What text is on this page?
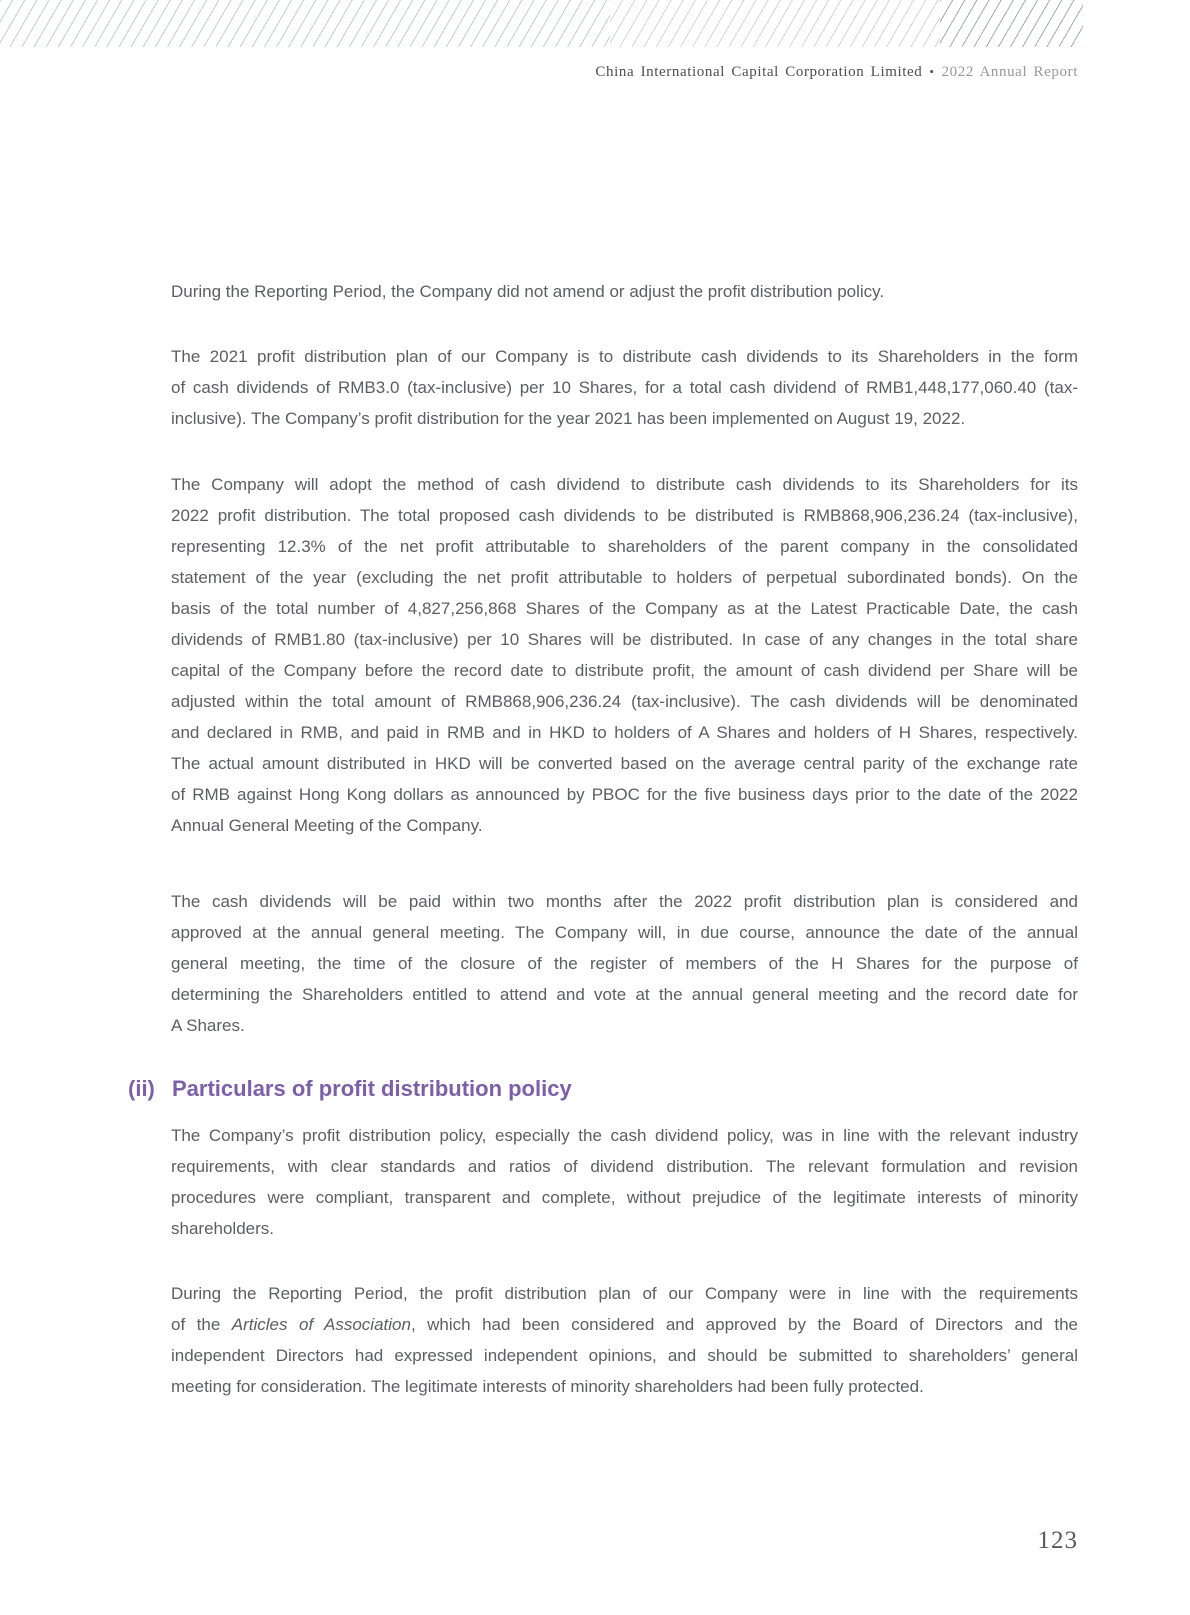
China International Capital Corporation Limited • 2022 Annual Report
During the Reporting Period, the Company did not amend or adjust the profit distribution policy.
The 2021 profit distribution plan of our Company is to distribute cash dividends to its Shareholders in the form
of cash dividends of RMB3.0 (tax-inclusive) per 10 Shares, for a total cash dividend of RMB1,448,177,060.40 (tax-
inclusive). The Company’s profit distribution for the year 2021 has been implemented on August 19, 2022.
The Company will adopt the method of cash dividend to distribute cash dividends to its Shareholders for its
2022 profit distribution. The total proposed cash dividends to be distributed is RMB868,906,236.24 (tax-inclusive),
representing 12.3% of the net profit attributable to shareholders of the parent company in the consolidated
statement of the year (excluding the net profit attributable to holders of perpetual subordinated bonds). On the
basis of the total number of 4,827,256,868 Shares of the Company as at the Latest Practicable Date, the cash
dividends of RMB1.80 (tax-inclusive) per 10 Shares will be distributed. In case of any changes in the total share
capital of the Company before the record date to distribute profit, the amount of cash dividend per Share will be
adjusted within the total amount of RMB868,906,236.24 (tax-inclusive). The cash dividends will be denominated
and declared in RMB, and paid in RMB and in HKD to holders of A Shares and holders of H Shares, respectively.
The actual amount distributed in HKD will be converted based on the average central parity of the exchange rate
of RMB against Hong Kong dollars as announced by PBOC for the five business days prior to the date of the 2022
Annual General Meeting of the Company.
The cash dividends will be paid within two months after the 2022 profit distribution plan is considered and
approved at the annual general meeting. The Company will, in due course, announce the date of the annual
general meeting, the time of the closure of the register of members of the H Shares for the purpose of
determining the Shareholders entitled to attend and vote at the annual general meeting and the record date for
A Shares.
(ii) Particulars of profit distribution policy
The Company’s profit distribution policy, especially the cash dividend policy, was in line with the relevant industry
requirements, with clear standards and ratios of dividend distribution. The relevant formulation and revision
procedures were compliant, transparent and complete, without prejudice of the legitimate interests of minority
shareholders.
During the Reporting Period, the profit distribution plan of our Company were in line with the requirements
of the Articles of Association, which had been considered and approved by the Board of Directors and the
independent Directors had expressed independent opinions, and should be submitted to shareholders’ general
meeting for consideration. The legitimate interests of minority shareholders had been fully protected.
123
